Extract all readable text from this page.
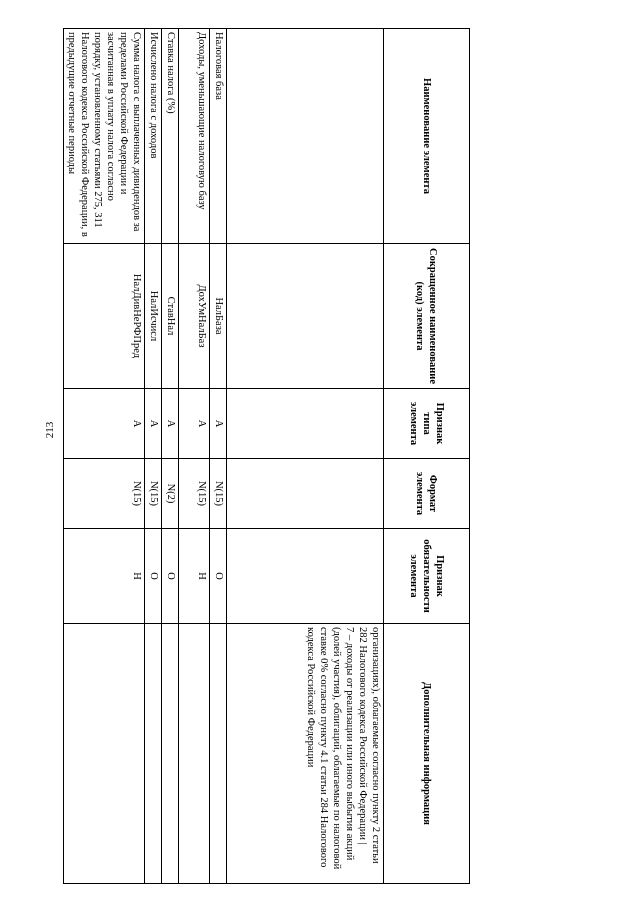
213
Наименование элемента	Сокращенное наименование (код) элемента	Признак типа элемента	Формат элемента	Признак обязательности элемента	Дополнительная информация
					организациях), облагаемые согласно пункту 2 статьи 282 Налогового кодекса Российской Федерации |
7 – доходы от реализации или иного выбытия акций (долей участия), облигаций, облагаемые по налоговой ставке 0% согласно пункту 4.1 статьи 284 Налогового кодекса Российской Федерации
Налоговая база	НалБаза	А	N(15)	О	
Доходы, уменьшающие налоговую базу	ДохУмНалБаз	А	N(15)	Н	
Ставка налога (%)	СтавНал	А	N(2)	О	
Исчислено налога с доходов	НалИсчисл	А	N(15)	О	
Сумма налога с выплаченных дивидендов за пределами Российской Федерации и засчитанная в уплату налога согласно порядку, установленному статьями 275, 311 Налогового кодекса Российской Федерации, в предыдущие отчетные периоды	НалДивНеРФПред	А	N(15)	Н	
